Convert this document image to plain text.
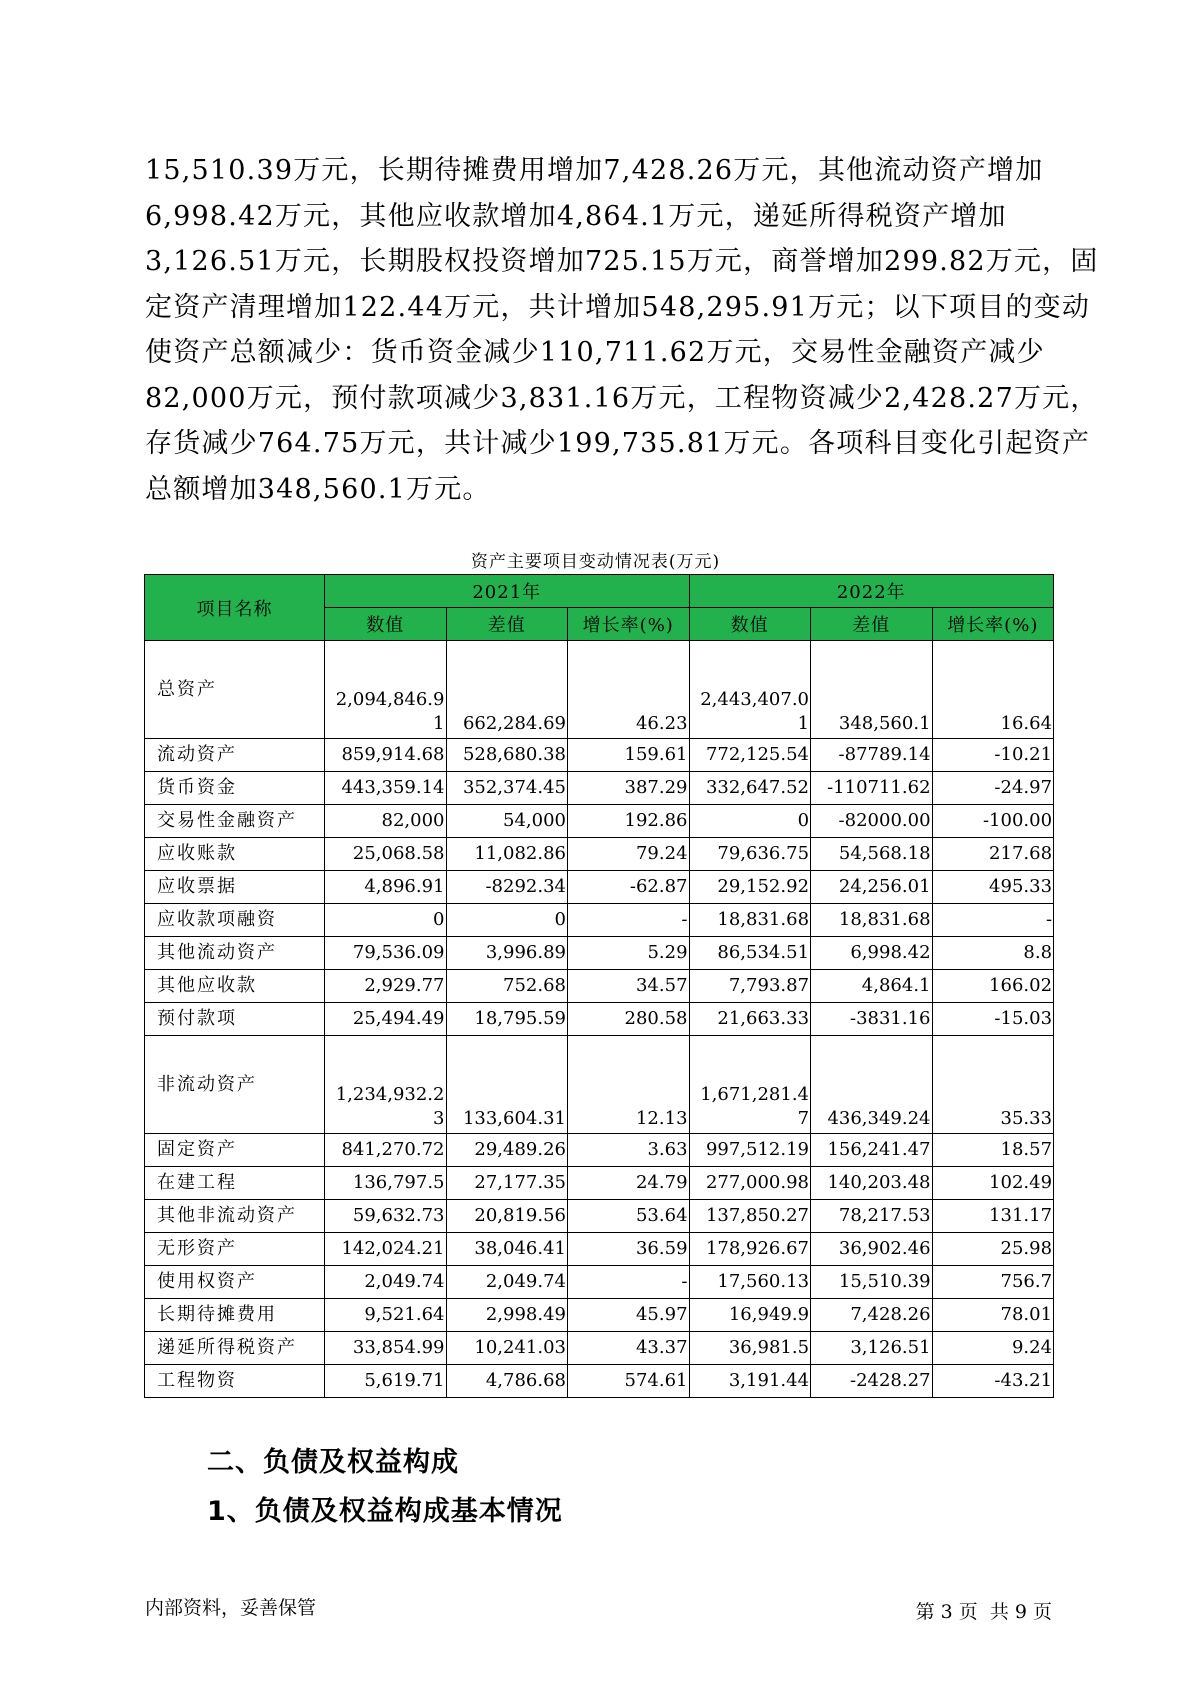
15,510.39万元，长期待摊费用增加7,428.26万元，其他流动资产增加
6,998.42万元，其他应收款增加4,864.1万元，递延所得税资产增加
3,126.51万元，长期股权投资增加725.15万元，商誉增加299.82万元，固
定资产清理增加122.44万元，共计增加548,295.91万元；以下项目的变动
使资产总额减少：货币资金减少110,711.62万元，交易性金融资产减少
82,000万元，预付款项减少3,831.16万元，工程物资减少2,428.27万元，
存货减少764.75万元，共计减少199,735.81万元。各项科目变化引起资产
总额增加348,560.1万元。
资产主要项目变动情况表(万元)
项目名称	2021年			2022年		
	数值	差值	增长率(%)	数值	差值	增长率(%)
总资产	2,094,846.91	662,284.69	46.23	2,443,407.01	348,560.1	16.64
流动资产	859,914.68	528,680.38	159.61	772,125.54	-87789.14	-10.21
货币资金	443,359.14	352,374.45	387.29	332,647.52	-110711.62	-24.97
交易性金融资产	82,000	54,000	192.86	0	-82000.00	-100.00
应收账款	25,068.58	11,082.86	79.24	79,636.75	54,568.18	217.68
应收票据	4,896.91	-8292.34	-62.87	29,152.92	24,256.01	495.33
应收款项融资	0	0	-	18,831.68	18,831.68	-
其他流动资产	79,536.09	3,996.89	5.29	86,534.51	6,998.42	8.8
其他应收款	2,929.77	752.68	34.57	7,793.87	4,864.1	166.02
预付款项	25,494.49	18,795.59	280.58	21,663.33	-3831.16	-15.03
非流动资产	1,234,932.23	133,604.31	12.13	1,671,281.47	436,349.24	35.33
固定资产	841,270.72	29,489.26	3.63	997,512.19	156,241.47	18.57
在建工程	136,797.5	27,177.35	24.79	277,000.98	140,203.48	102.49
其他非流动资产	59,632.73	20,819.56	53.64	137,850.27	78,217.53	131.17
无形资产	142,024.21	38,046.41	36.59	178,926.67	36,902.46	25.98
使用权资产	2,049.74	2,049.74	-	17,560.13	15,510.39	756.7
长期待摊费用	9,521.64	2,998.49	45.97	16,949.9	7,428.26	78.01
递延所得税资产	33,854.99	10,241.03	43.37	36,981.5	3,126.51	9.24
工程物资	5,619.71	4,786.68	574.61	3,191.44	-2428.27	-43.21
二、负债及权益构成
1、负债及权益构成基本情况
内部资料，妥善保管	第 3 页  共 9 页
